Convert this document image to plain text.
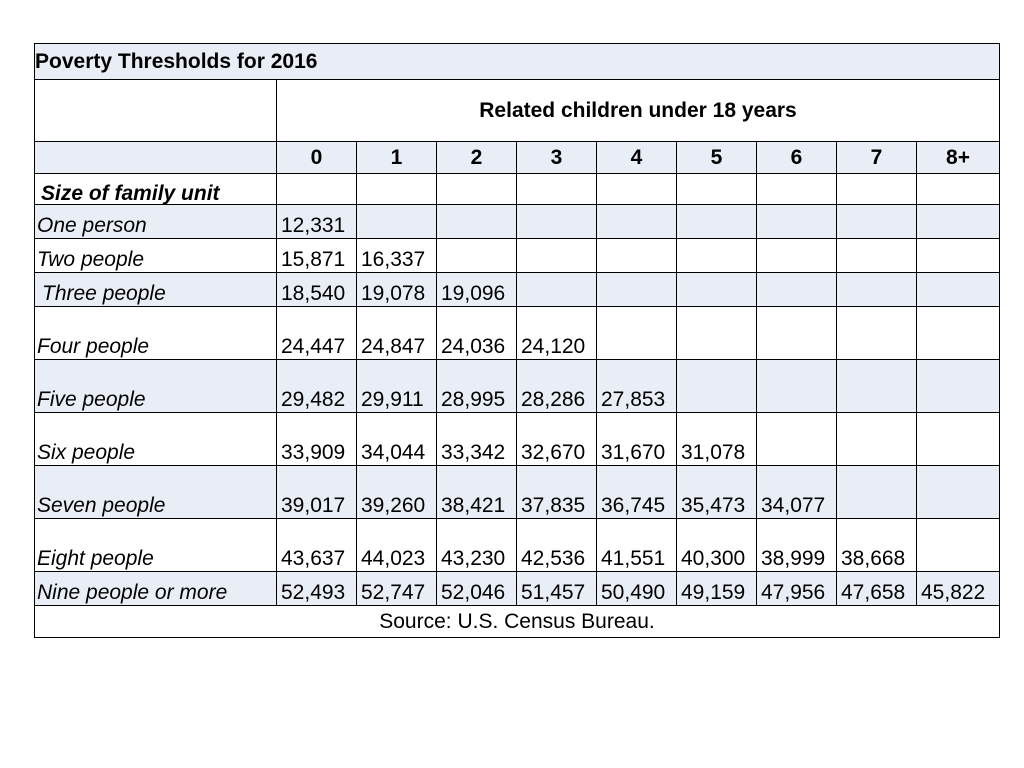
Poverty Thresholds for 2016									
	Related children under 18 years								
	0	1	2	3	4	5	6	7	8+
Size of family unit									
One person	12,331								
Two people	15,871	16,337							
Three people	18,540	19,078	19,096						
Four people	24,447	24,847	24,036	24,120					
Five people	29,482	29,911	28,995	28,286	27,853				
Six people	33,909	34,044	33,342	32,670	31,670	31,078			
Seven people	39,017	39,260	38,421	37,835	36,745	35,473	34,077		
Eight people	43,637	44,023	43,230	42,536	41,551	40,300	38,999	38,668	
Nine people or more	52,493	52,747	52,046	51,457	50,490	49,159	47,956	47,658	45,822
Source: U.S. Census Bureau.									
